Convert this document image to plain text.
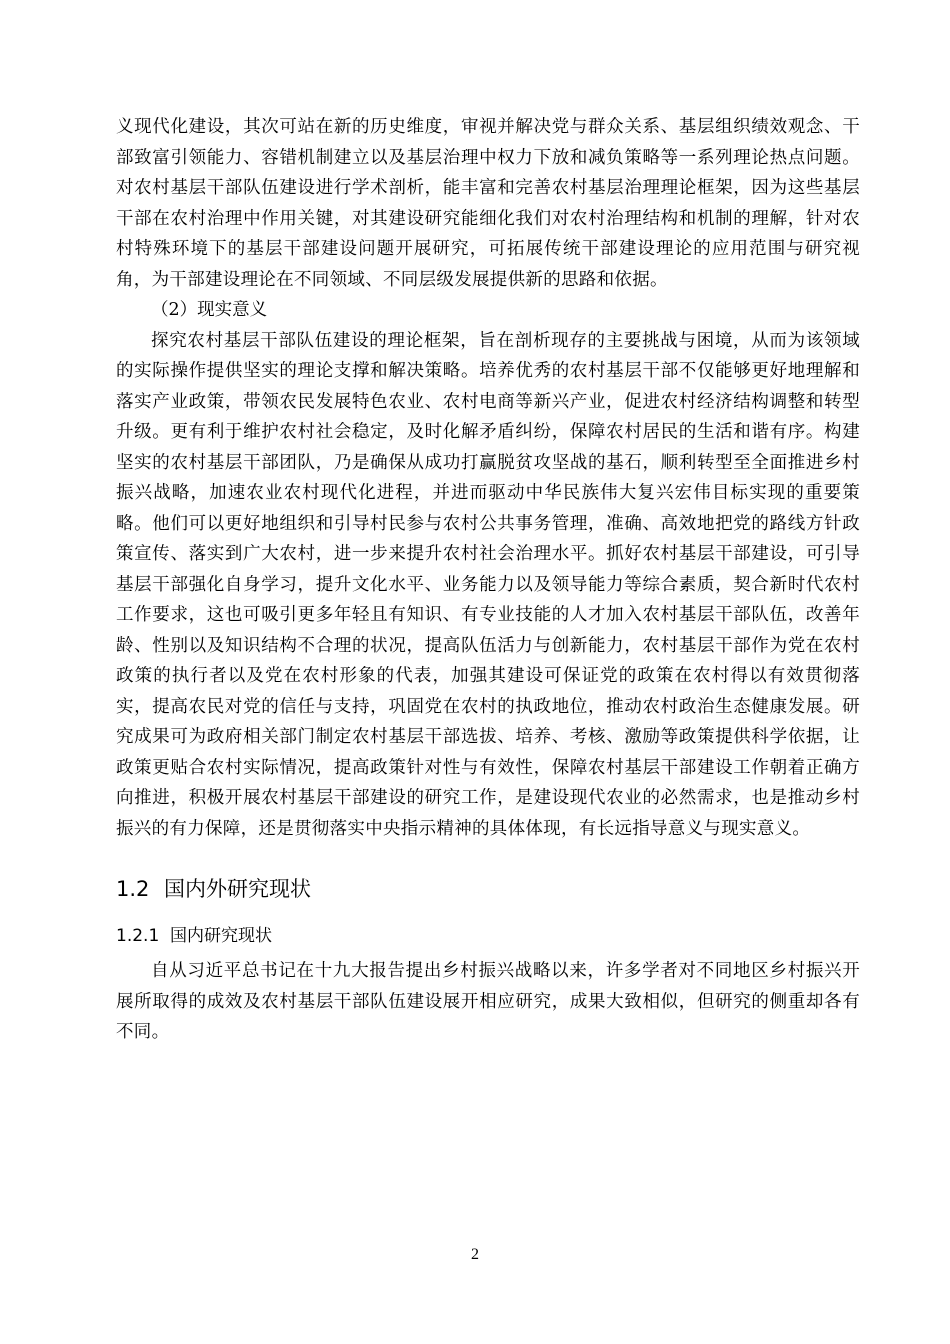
义现代化建设，其次可站在新的历史维度，审视并解决党与群众关系、基层组织绩效观念、干部致富引领能力、容错机制建立以及基层治理中权力下放和减负策略等一系列理论热点问题。对农村基层干部队伍建设进行学术剖析，能丰富和完善农村基层治理理论框架，因为这些基层干部在农村治理中作用关键，对其建设研究能细化我们对农村治理结构和机制的理解，针对农村特殊环境下的基层干部建设问题开展研究，可拓展传统干部建设理论的应用范围与研究视角，为干部建设理论在不同领域、不同层级发展提供新的思路和依据。

（2）现实意义

探究农村基层干部队伍建设的理论框架，旨在剖析现存的主要挑战与困境，从而为该领域的实际操作提供坚实的理论支撑和解决策略。培养优秀的农村基层干部不仅能够更好地理解和落实产业政策，带领农民发展特色农业、农村电商等新兴产业，促进农村经济结构调整和转型升级。更有利于维护农村社会稳定，及时化解矛盾纠纷，保障农村居民的生活和谐有序。构建坚实的农村基层干部团队，乃是确保从成功打赢脱贫攻坚战的基石，顺利转型至全面推进乡村振兴战略，加速农业农村现代化进程，并进而驱动中华民族伟大复兴宏伟目标实现的重要策略。他们可以更好地组织和引导村民参与农村公共事务管理，准确、高效地把党的路线方针政策宣传、落实到广大农村，进一步来提升农村社会治理水平。抓好农村基层干部建设，可引导基层干部强化自身学习，提升文化水平、业务能力以及领导能力等综合素质，契合新时代农村工作要求，这也可吸引更多年轻且有知识、有专业技能的人才加入农村基层干部队伍，改善年龄、性别以及知识结构不合理的状况，提高队伍活力与创新能力，农村基层干部作为党在农村政策的执行者以及党在农村形象的代表，加强其建设可保证党的政策在农村得以有效贯彻落实，提高农民对党的信任与支持，巩固党在农村的执政地位，推动农村政治生态健康发展。研究成果可为政府相关部门制定农村基层干部选拔、培养、考核、激励等政策提供科学依据，让政策更贴合农村实际情况，提高政策针对性与有效性，保障农村基层干部建设工作朝着正确方向推进，积极开展农村基层干部建设的研究工作，是建设现代农业的必然需求，也是推动乡村振兴的有力保障，还是贯彻落实中央指示精神的具体体现，有长远指导意义与现实意义。

1.2 国内外研究现状
1.2.1 国内研究现状

自从习近平总书记在十九大报告提出乡村振兴战略以来，许多学者对不同地区乡村振兴开展所取得的成效及农村基层干部队伍建设展开相应研究，成果大致相似，但研究的侧重却各有不同。

2
